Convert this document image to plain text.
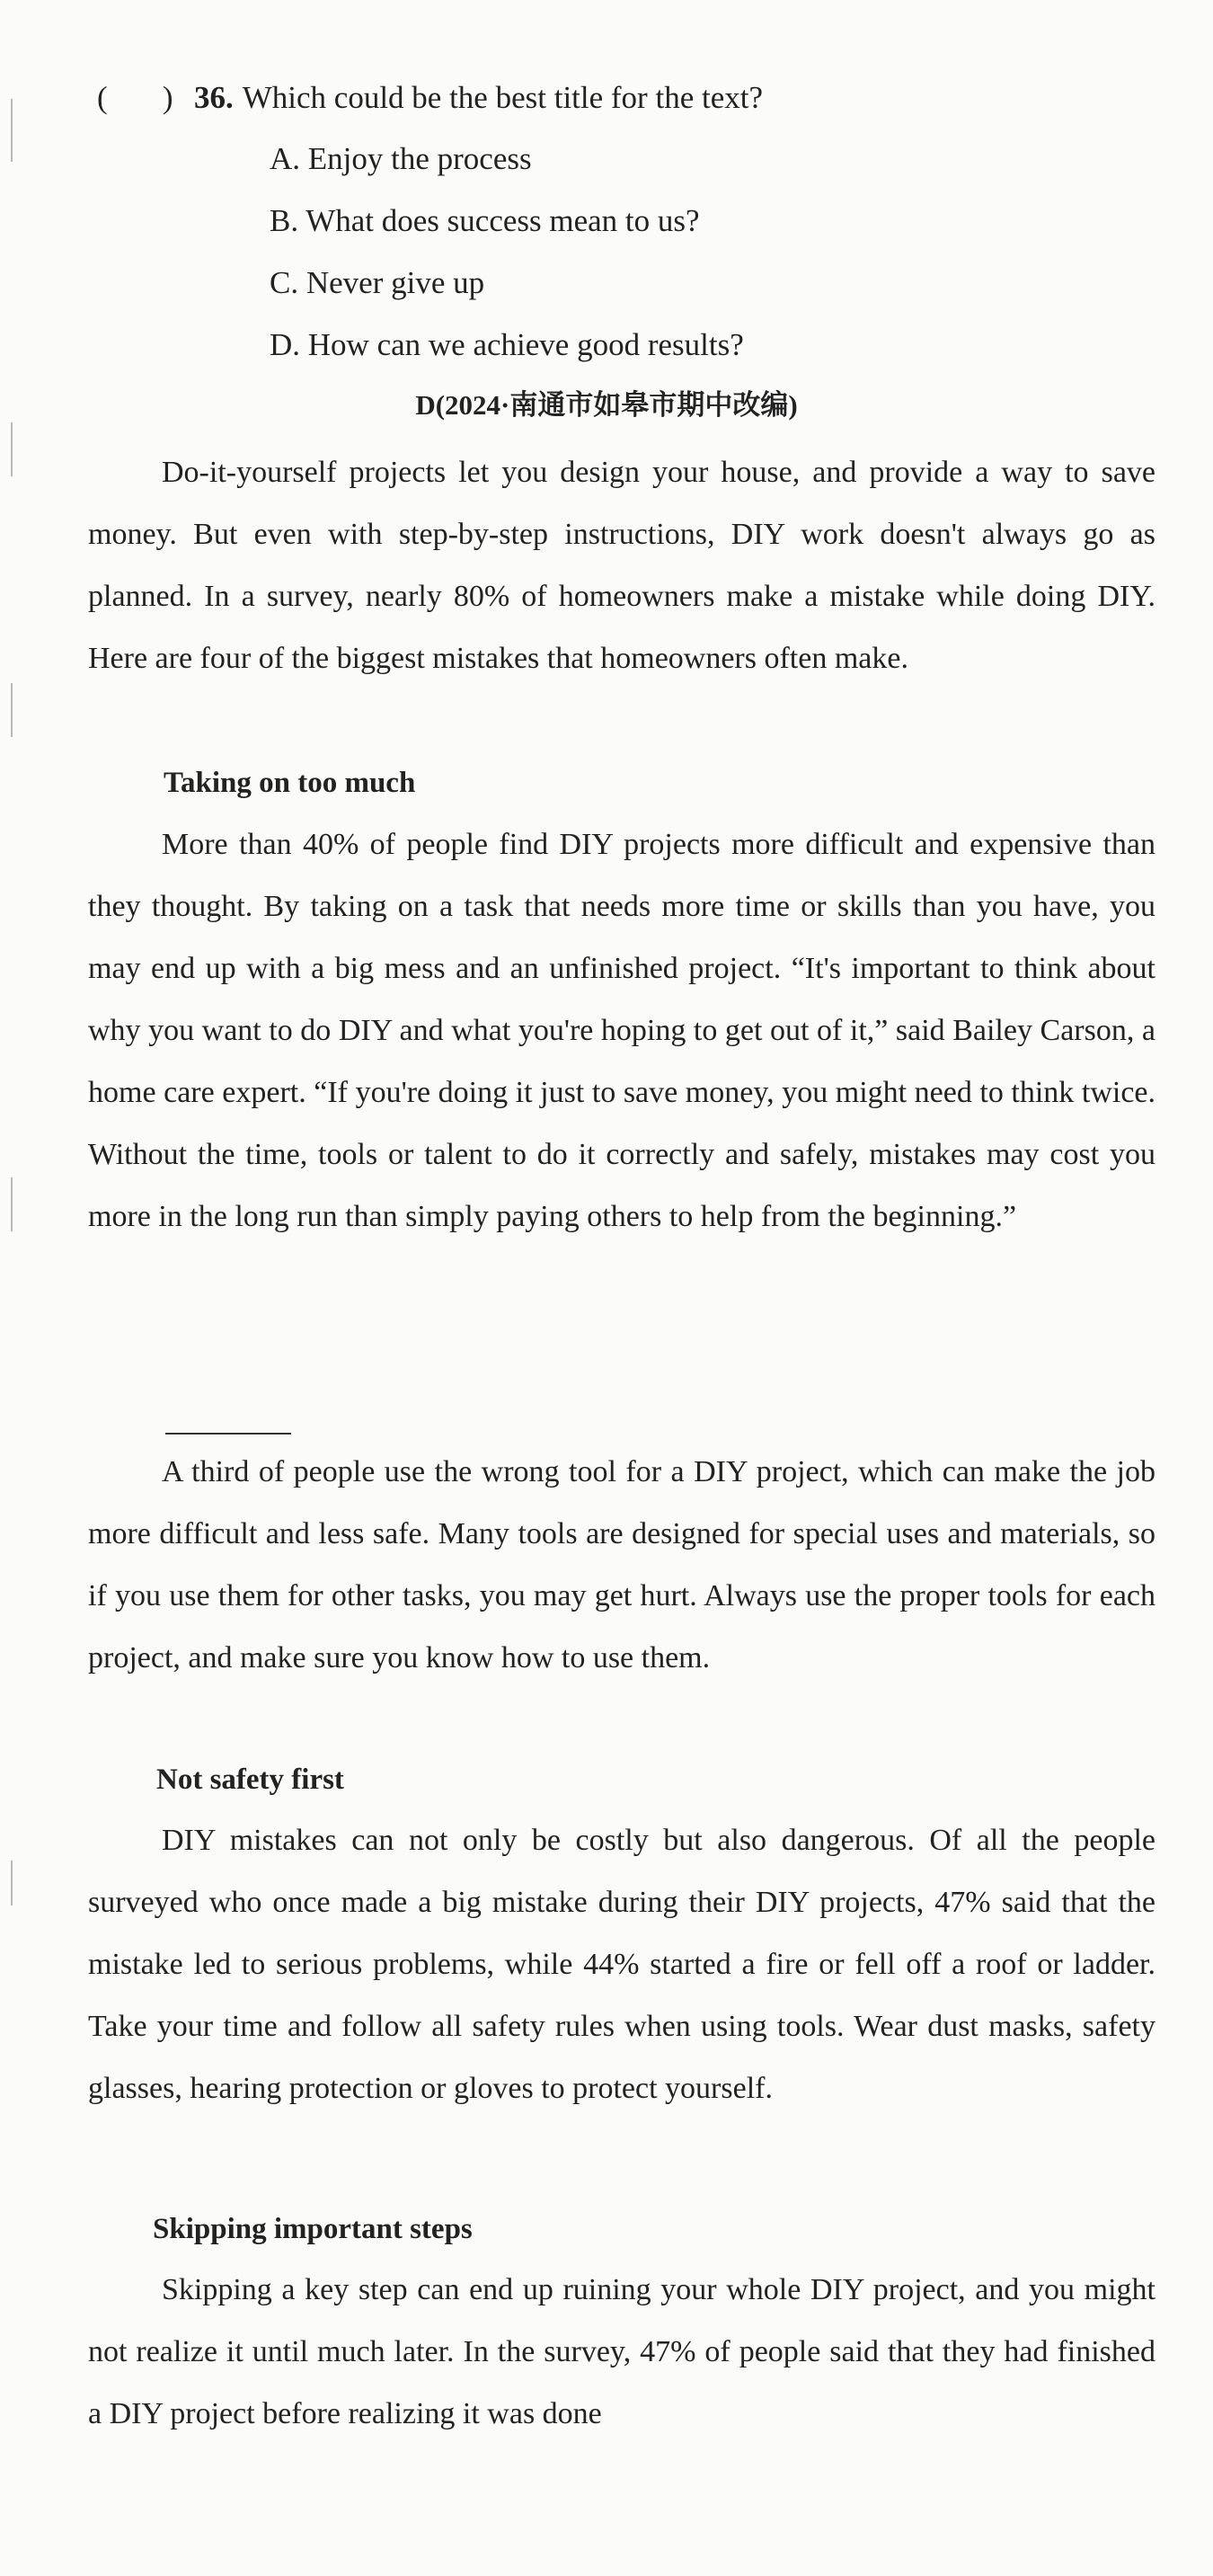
(       ) 36. Which could be the best title for the text?
A. Enjoy the process
B. What does success mean to us?
C. Never give up
D. How can we achieve good results?
D(2024·南通市如皋市期中改编)
Do-it-yourself projects let you design your house, and provide a way to save money. But even with step-by-step instructions, DIY work doesn't always go as planned. In a survey, nearly 80% of homeowners make a mistake while doing DIY. Here are four of the biggest mistakes that homeowners often make.
Taking on too much
More than 40% of people find DIY projects more difficult and expensive than they thought. By taking on a task that needs more time or skills than you have, you may end up with a big mess and an unfinished project. “It's important to think about why you want to do DIY and what you're hoping to get out of it,” said Bailey Carson, a home care expert. “If you're doing it just to save money, you might need to think twice. Without the time, tools or talent to do it correctly and safely, mistakes may cost you more in the long run than simply paying others to help from the beginning.”
A third of people use the wrong tool for a DIY project, which can make the job more difficult and less safe. Many tools are designed for special uses and materials, so if you use them for other tasks, you may get hurt. Always use the proper tools for each project, and make sure you know how to use them.
Not safety first
DIY mistakes can not only be costly but also dangerous. Of all the people surveyed who once made a big mistake during their DIY projects, 47% said that the mistake led to serious problems, while 44% started a fire or fell off a roof or ladder. Take your time and follow all safety rules when using tools. Wear dust masks, safety glasses, hearing protection or gloves to protect yourself.
Skipping important steps
Skipping a key step can end up ruining your whole DIY project, and you might not realize it until much later. In the survey, 47% of people said that they had finished a DIY project before realizing it was done
